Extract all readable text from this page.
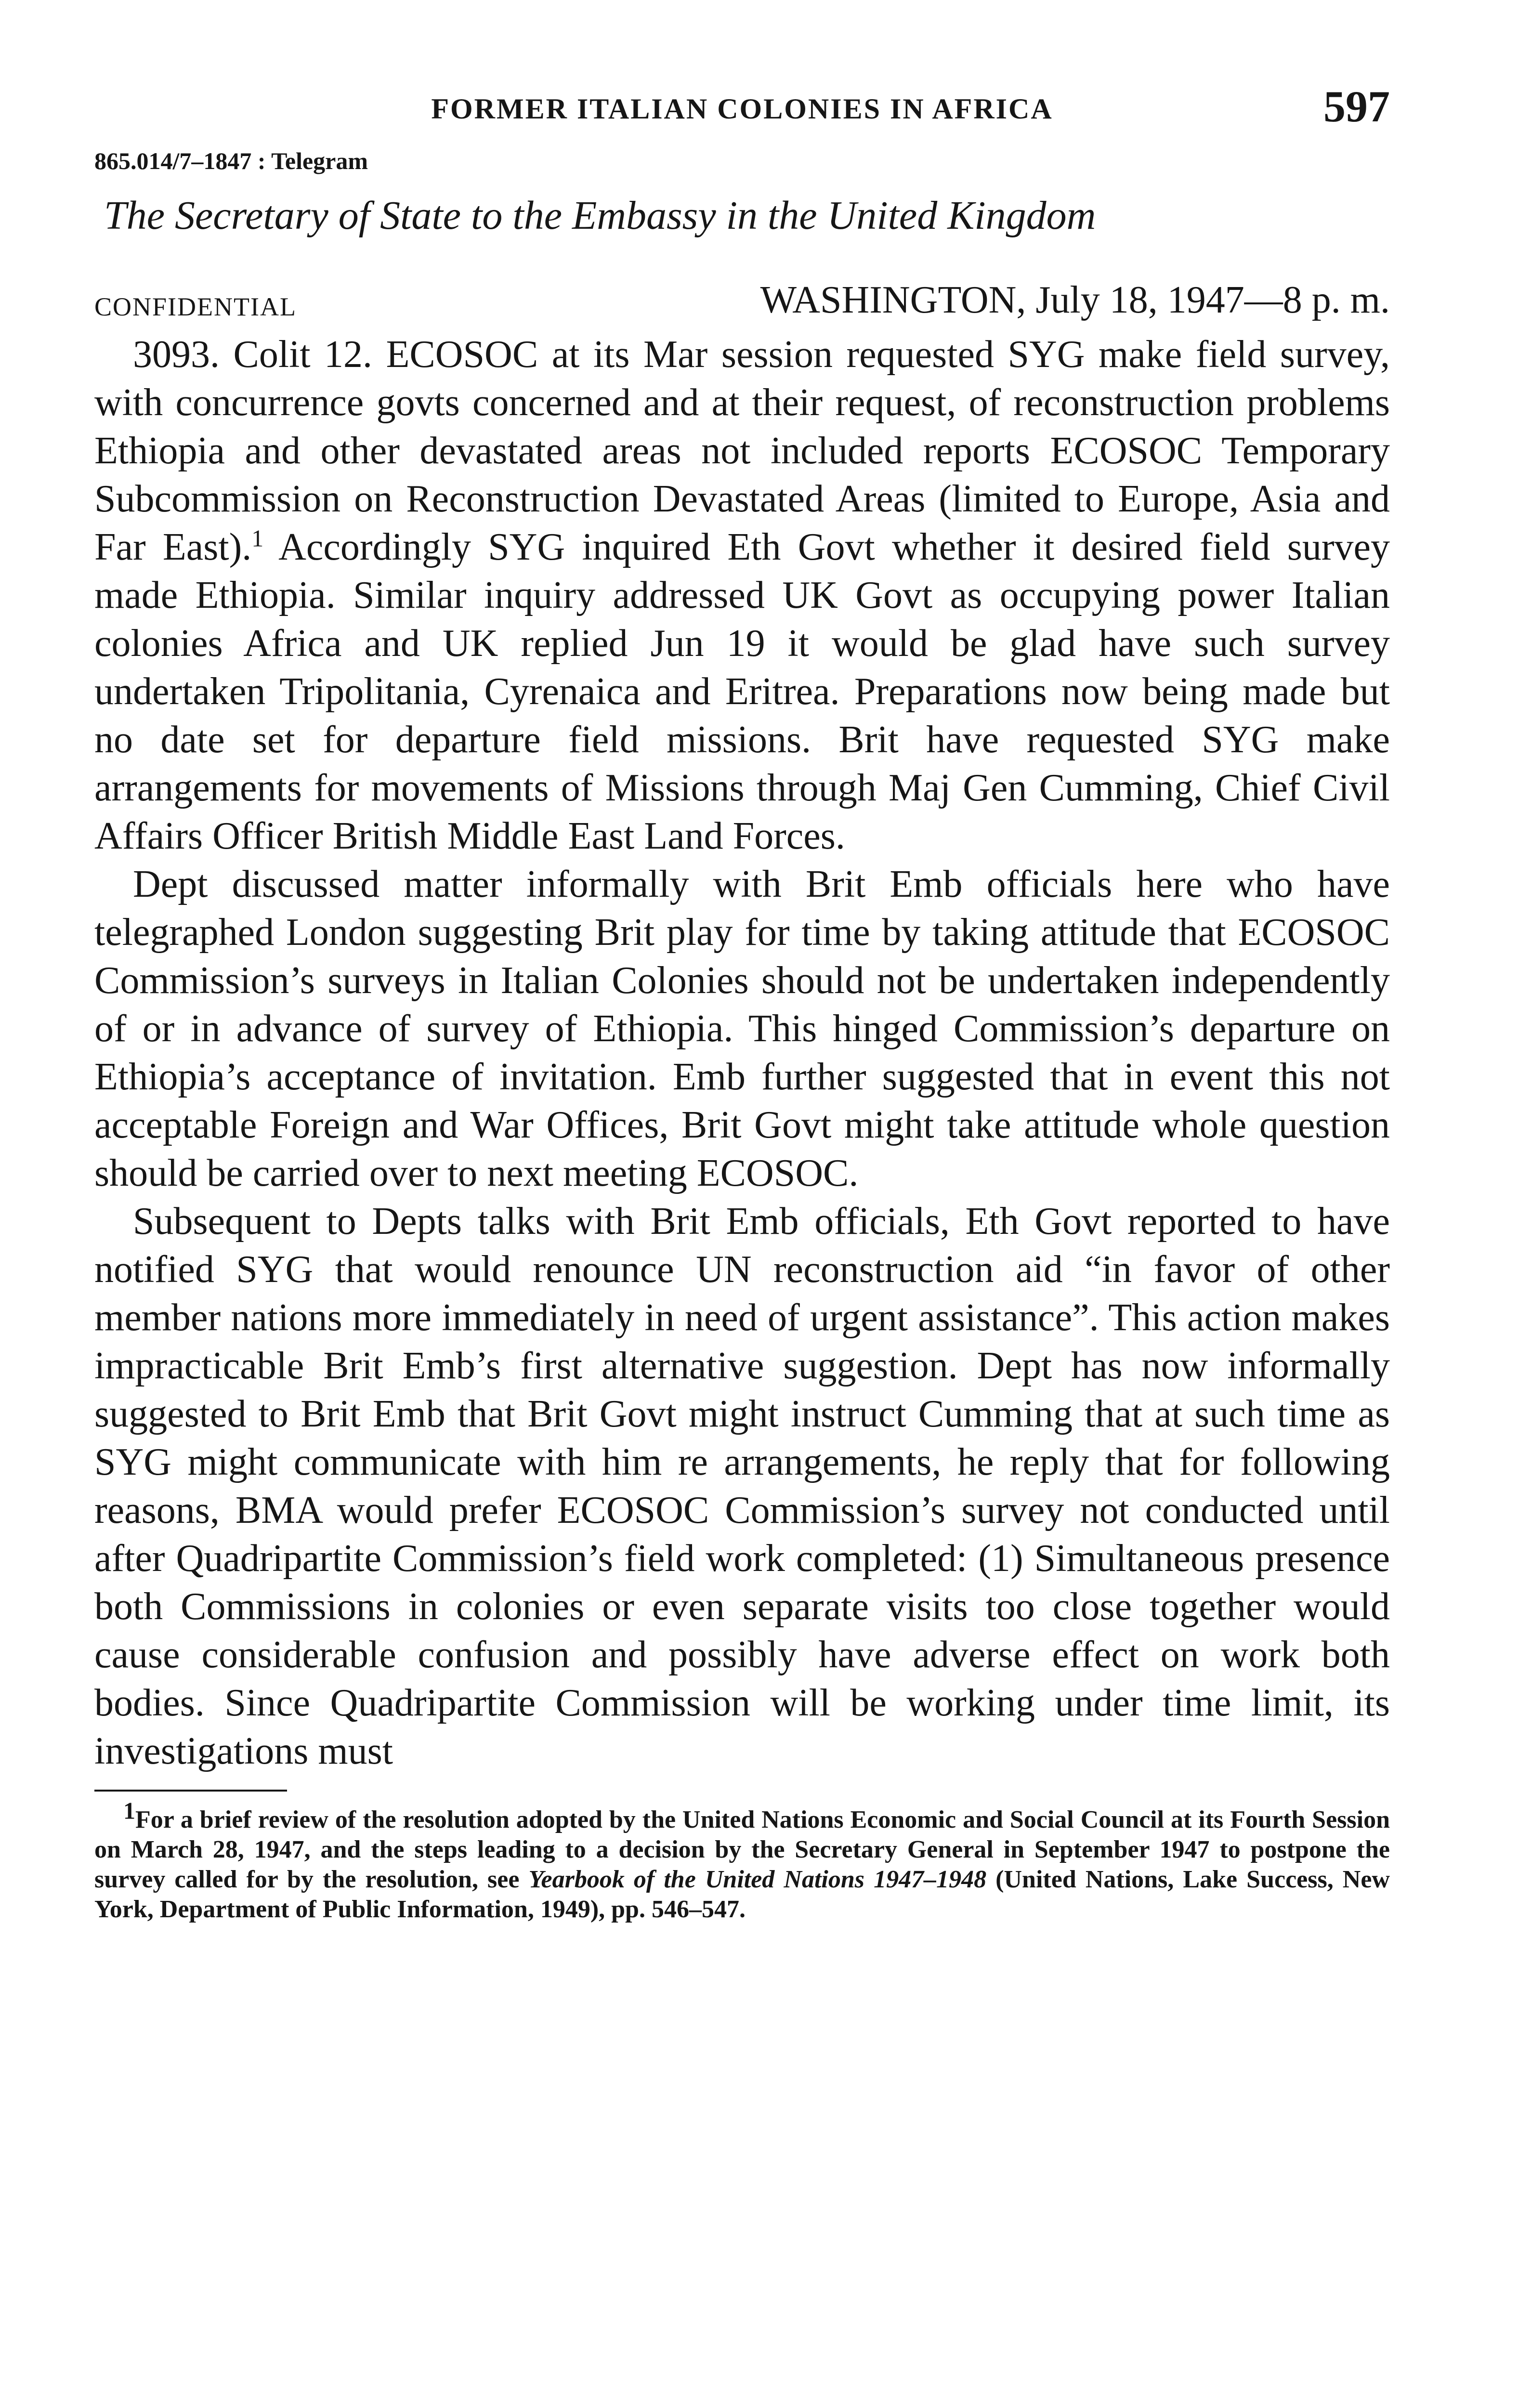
FORMER ITALIAN COLONIES IN AFRICA	597
865.014/7–1847 : Telegram
The Secretary of State to the Embassy in the United Kingdom
CONFIDENTIAL	WASHINGTON, July 18, 1947—8 p. m.

3093. Colit 12. ECOSOC at its Mar session requested SYG make field survey, with concurrence govts concerned and at their request, of reconstruction problems Ethiopia and other devastated areas not included reports ECOSOC Temporary Subcommission on Reconstruction Devastated Areas (limited to Europe, Asia and Far East).$^1$ Accordingly SYG inquired Eth Govt whether it desired field survey made Ethiopia. Similar inquiry addressed UK Govt as occupying power Italian colonies Africa and UK replied Jun 19 it would be glad have such survey undertaken Tripolitania, Cyrenaica and Eritrea. Preparations now being made but no date set for departure field missions. Brit have requested SYG make arrangements for movements of Missions through Maj Gen Cumming, Chief Civil Affairs Officer British Middle East Land Forces.

Dept discussed matter informally with Brit Emb officials here who have telegraphed London suggesting Brit play for time by taking attitude that ECOSOC Commission’s surveys in Italian Colonies should not be undertaken independently of or in advance of survey of Ethiopia. This hinged Commission’s departure on Ethiopia’s acceptance of invitation. Emb further suggested that in event this not acceptable Foreign and War Offices, Brit Govt might take attitude whole question should be carried over to next meeting ECOSOC.

Subsequent to Depts talks with Brit Emb officials, Eth Govt reported to have notified SYG that would renounce UN reconstruction aid “in favor of other member nations more immediately in need of urgent assistance”. This action makes impracticable Brit Emb’s first alternative suggestion. Dept has now informally suggested to Brit Emb that Brit Govt might instruct Cumming that at such time as SYG might communicate with him re arrangements, he reply that for following reasons, BMA would prefer ECOSOC Commission’s survey not conducted until after Quadripartite Commission’s field work completed: (1) Simultaneous presence both Commissions in colonies or even separate visits too close together would cause considerable confusion and possibly have adverse effect on work both bodies. Since Quadripartite Commission will be working under time limit, its investigations must

$^1$For a brief review of the resolution adopted by the United Nations Economic and Social Council at its Fourth Session on March 28, 1947, and the steps leading to a decision by the Secretary General in September 1947 to postpone the survey called for by the resolution, see Yearbook of the United Nations 1947–1948 (United Nations, Lake Success, New York, Department of Public Information, 1949), pp. 546–547.
